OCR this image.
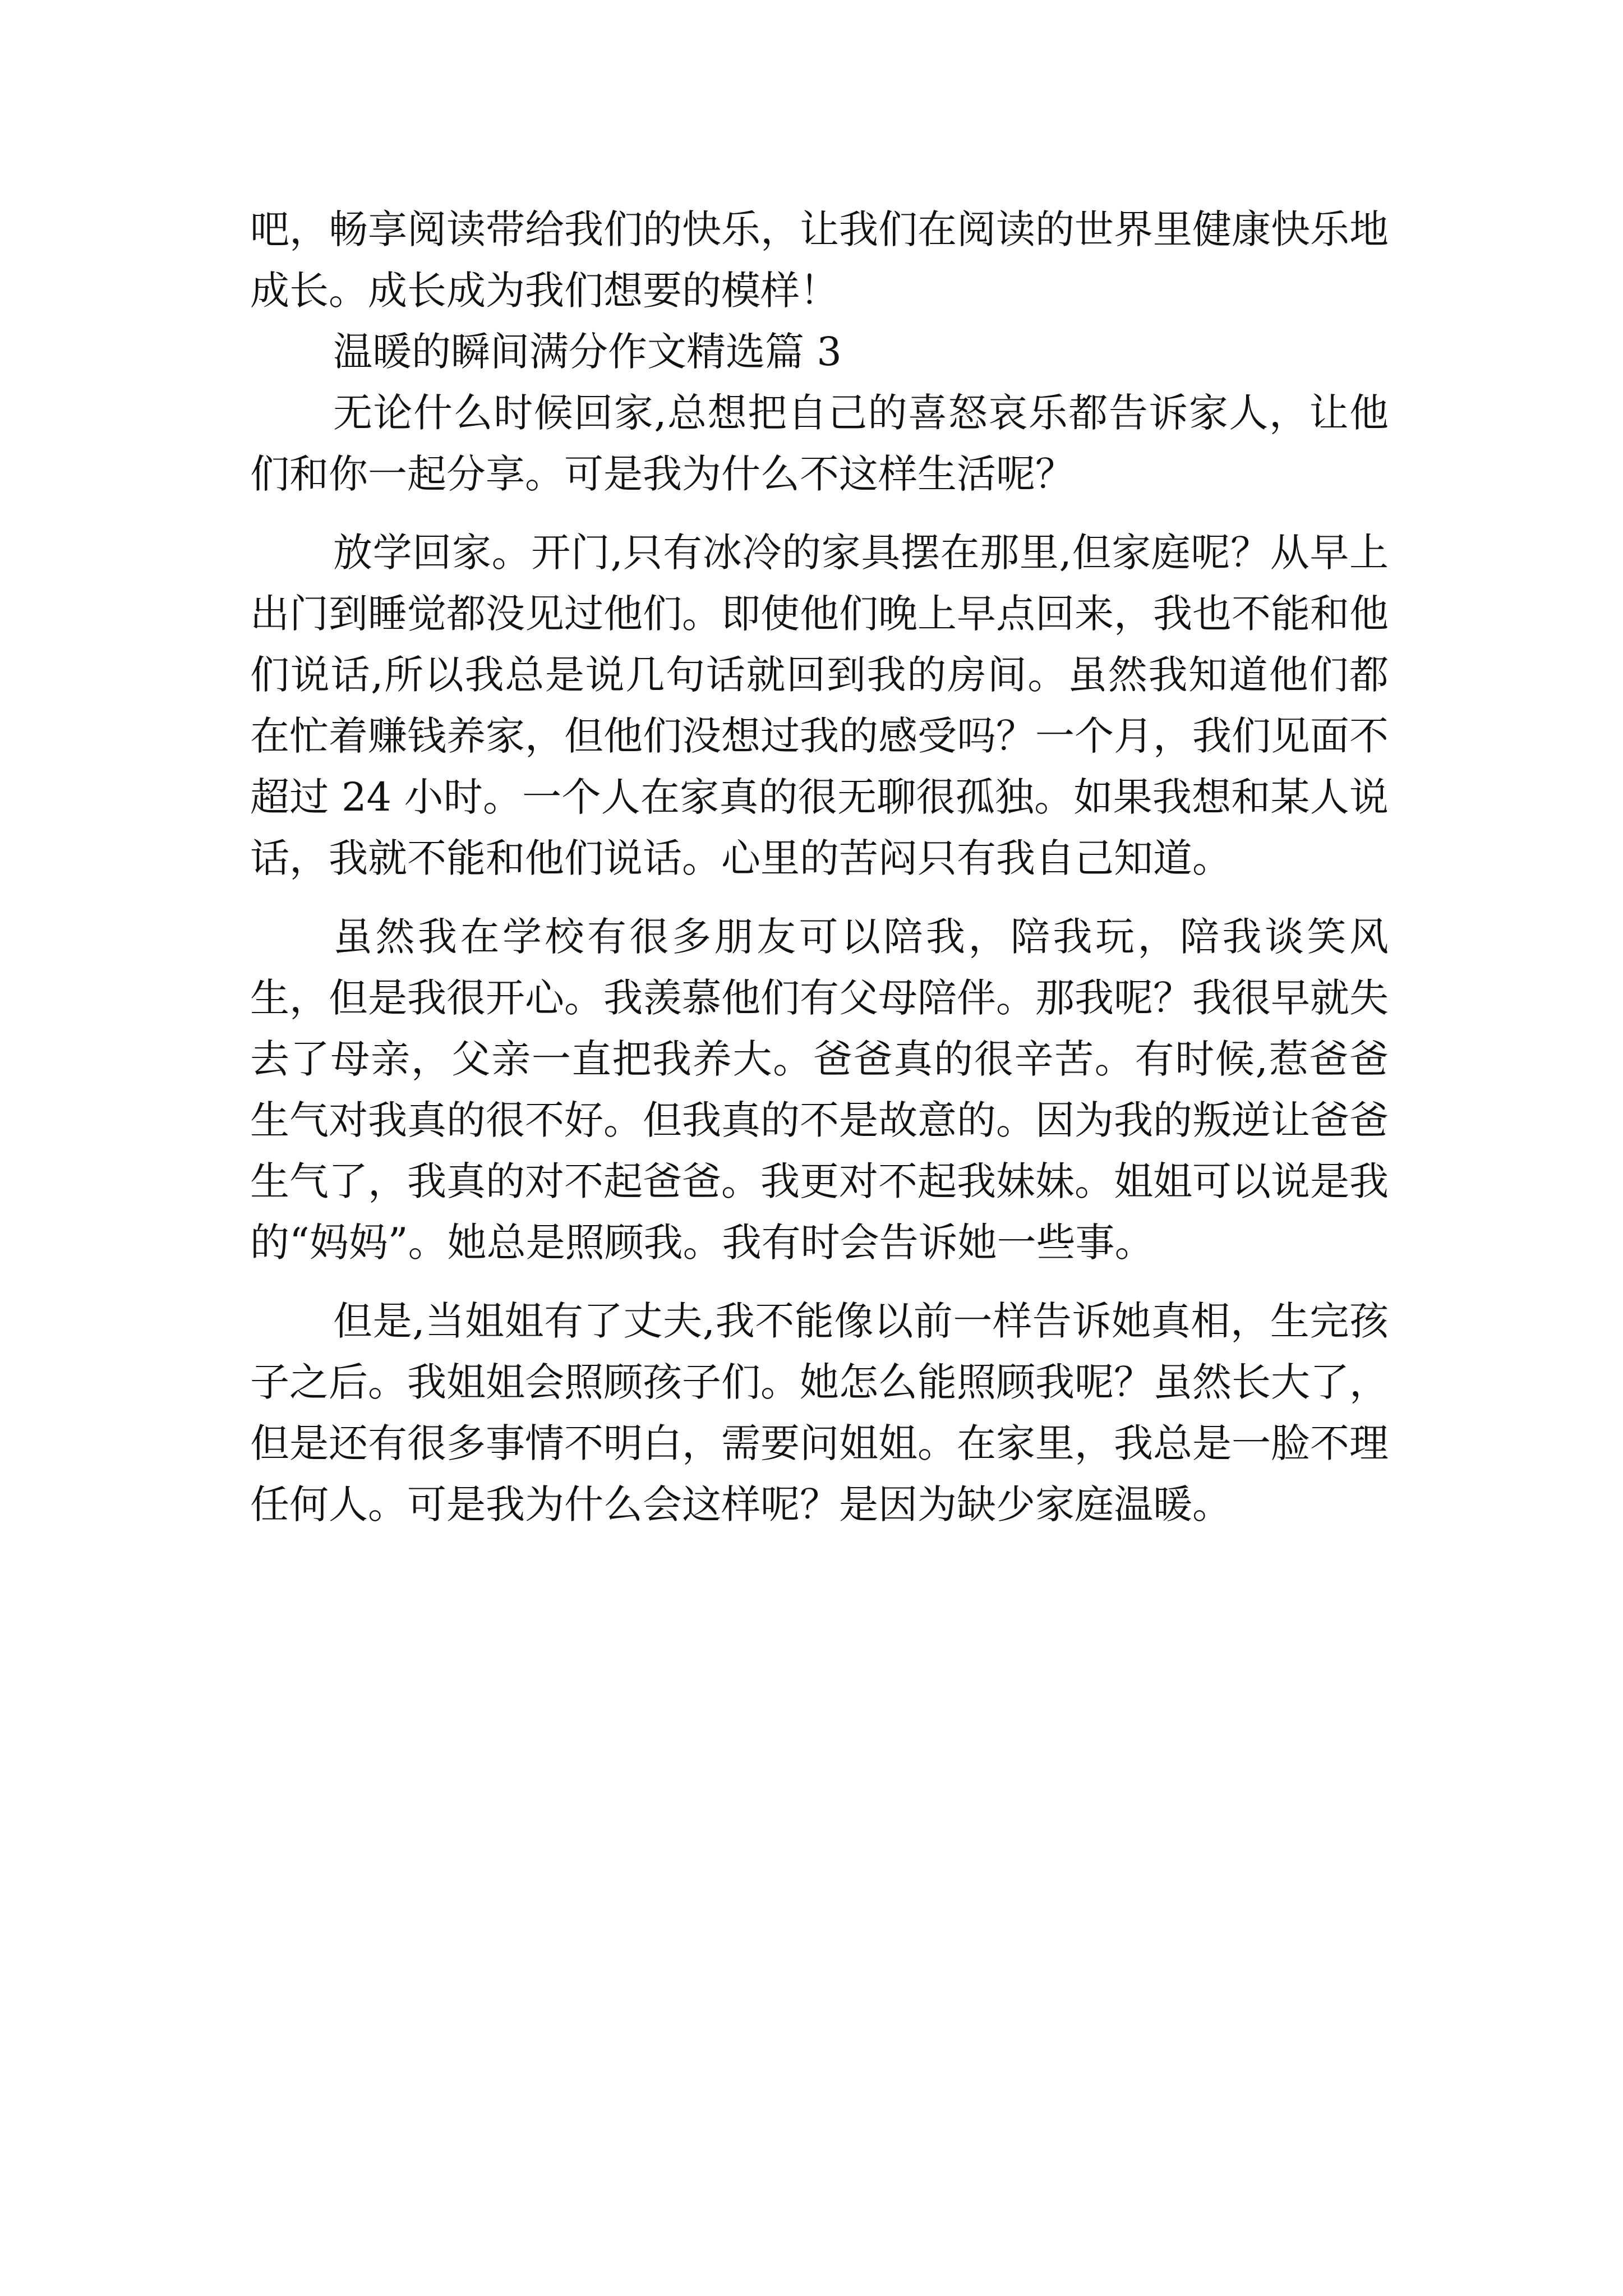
吧，畅享阅读带给我们的快乐，让我们在阅读的世界里健康快乐地成长。成长成为我们想要的模样！

温暖的瞬间满分作文精选篇 3

无论什么时候回家,总想把自己的喜怒哀乐都告诉家人，让他们和你一起分享。可是我为什么不这样生活呢？

放学回家。开门,只有冰冷的家具摆在那里,但家庭呢？从早上出门到睡觉都没见过他们。即使他们晚上早点回来，我也不能和他们说话,所以我总是说几句话就回到我的房间。虽然我知道他们都在忙着赚钱养家，但他们没想过我的感受吗？一个月，我们见面不超过 24 小时。一个人在家真的很无聊很孤独。如果我想和某人说话，我就不能和他们说话。心里的苦闷只有我自己知道。

虽然我在学校有很多朋友可以陪我，陪我玩，陪我谈笑风生，但是我很开心。我羡慕他们有父母陪伴。那我呢？我很早就失去了母亲，父亲一直把我养大。爸爸真的很辛苦。有时候,惹爸爸生气对我真的很不好。但我真的不是故意的。因为我的叛逆让爸爸生气了，我真的对不起爸爸。我更对不起我妹妹。姐姐可以说是我的“妈妈”。她总是照顾我。我有时会告诉她一些事。

但是,当姐姐有了丈夫,我不能像以前一样告诉她真相，生完孩子之后。我姐姐会照顾孩子们。她怎么能照顾我呢？虽然长大了，但是还有很多事情不明白，需要问姐姐。在家里，我总是一脸不理任何人。可是我为什么会这样呢？是因为缺少家庭温暖。
